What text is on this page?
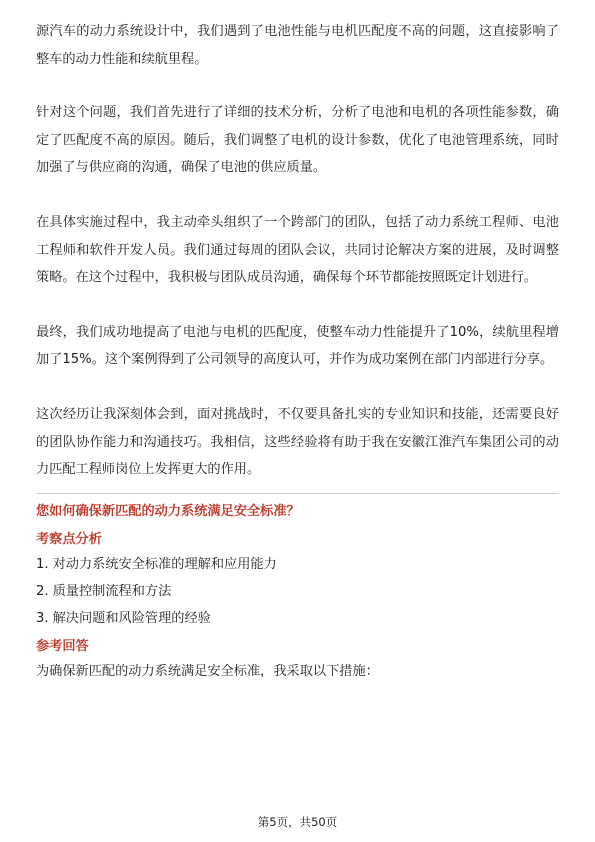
源汽车的动力系统设计中，我们遇到了电池性能与电机匹配度不高的问题，这直接影响了整车的动力性能和续航里程。

针对这个问题，我们首先进行了详细的技术分析，分析了电池和电机的各项性能参数，确定了匹配度不高的原因。随后，我们调整了电机的设计参数，优化了电池管理系统，同时加强了与供应商的沟通，确保了电池的供应质量。

在具体实施过程中，我主动牵头组织了一个跨部门的团队，包括了动力系统工程师、电池工程师和软件开发人员。我们通过每周的团队会议，共同讨论解决方案的进展，及时调整策略。在这个过程中，我积极与团队成员沟通，确保每个环节都能按照既定计划进行。

最终，我们成功地提高了电池与电机的匹配度，使整车动力性能提升了10%，续航里程增加了15%。这个案例得到了公司领导的高度认可，并作为成功案例在部门内部进行分享。

这次经历让我深刻体会到，面对挑战时，不仅要具备扎实的专业知识和技能，还需要良好的团队协作能力和沟通技巧。我相信，这些经验将有助于我在安徽江淮汽车集团公司的动力匹配工程师岗位上发挥更大的作用。

您如何确保新匹配的动力系统满足安全标准？
考察点分析
1. 对动力系统安全标准的理解和应用能力
2. 质量控制流程和方法
3. 解决问题和风险管理的经验
参考回答
为确保新匹配的动力系统满足安全标准，我采取以下措施：
第5页，共50页
